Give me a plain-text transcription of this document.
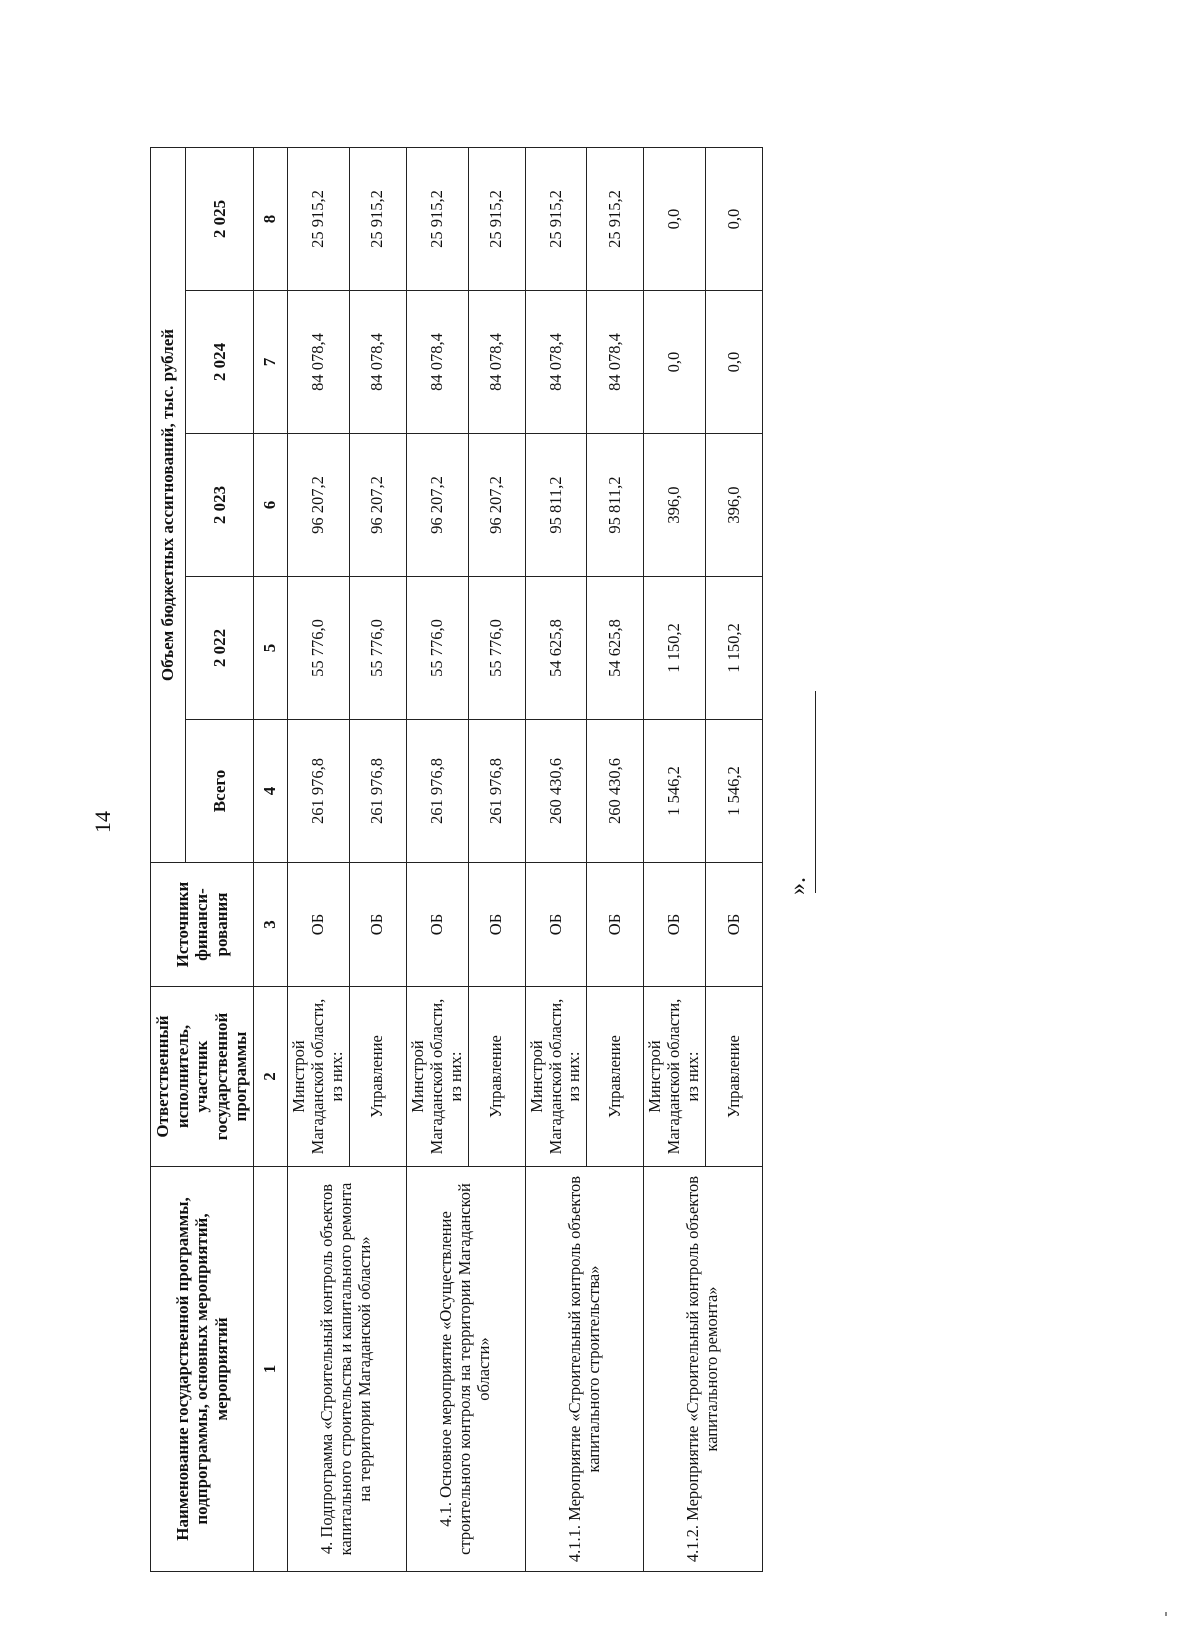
14
Наименование государственной программы, подпрограммы, основных мероприятий, мероприятий	Ответственный исполнитель, участник государственной программы	Источники финанси-рования	Объем бюджетных ассигнований, тыс. рублей				
			Всего	2 022	2 023	2 024	2 025
1	2	3	4	5	6	7	8
4. Подпрограмма «Строительный контроль объектов капитального строительства и капитального ремонта на территории Магаданской области»	Минстрой Магаданской области, из них:	ОБ	261 976,8	55 776,0	96 207,2	84 078,4	25 915,2
	Управление	ОБ	261 976,8	55 776,0	96 207,2	84 078,4	25 915,2
4.1. Основное мероприятие «Осуществление строительного контроля на территории Магаданской области»	Минстрой Магаданской области, из них:	ОБ	261 976,8	55 776,0	96 207,2	84 078,4	25 915,2
	Управление	ОБ	261 976,8	55 776,0	96 207,2	84 078,4	25 915,2
4.1.1. Мероприятие «Строительный контроль объектов капитального строительства»	Минстрой Магаданской области, из них:	ОБ	260 430,6	54 625,8	95 811,2	84 078,4	25 915,2
	Управление	ОБ	260 430,6	54 625,8	95 811,2	84 078,4	25 915,2
4.1.2. Мероприятие «Строительный контроль объектов капитального ремонта»	Минстрой Магаданской области, из них:	ОБ	1 546,2	1 150,2	396,0	0,0	0,0
	Управление	ОБ	1 546,2	1 150,2	396,0	0,0	0,0
».
